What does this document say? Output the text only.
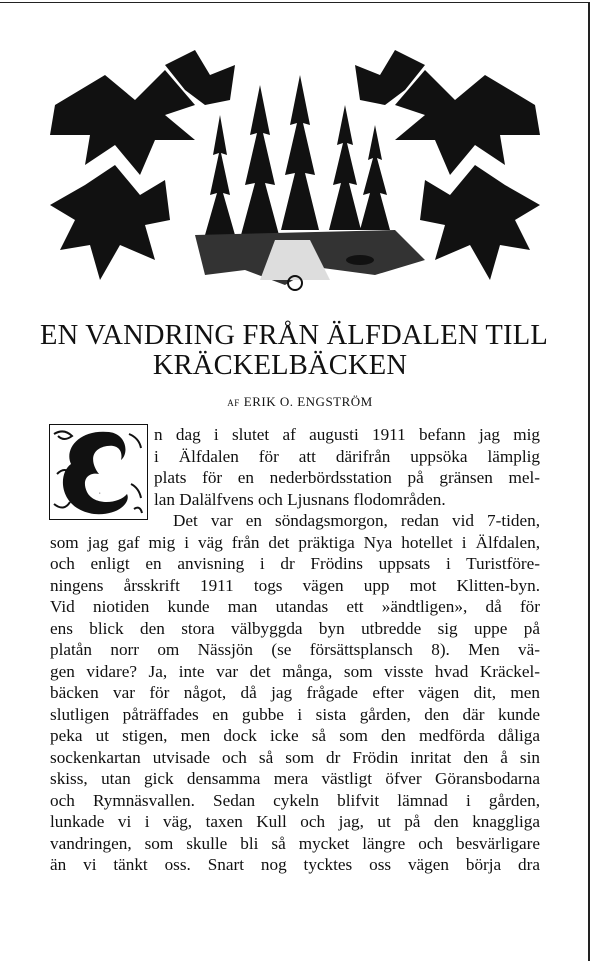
EN VANDRING FRÅN ÄLFDALEN TILL
KRÄCKELBÄCKEN
AF ERIK O. ENGSTRÖM
E
n dag i slutet af augusti 1911 befann jag mig
i Älfdalen för att därifrån uppsöka lämplig
plats för en nederbördsstation på gränsen mel-
lan Dalälfvens och Ljusnans flodområden.
Det var en söndagsmorgon, redan vid 7-tiden,
som jag gaf mig i väg från det präktiga Nya hotellet i Älfdalen,
och enligt en anvisning i dr Frödins uppsats i Turistföre-
ningens årsskrift 1911 togs vägen upp mot Klitten-byn.
Vid niotiden kunde man utandas ett »ändtligen», då för
ens blick den stora välbyggda byn utbredde sig uppe på
platån norr om Nässjön (se försättsplansch 8). Men vä-
gen vidare? Ja, inte var det många, som visste hvad Kräckel-
bäcken var för något, då jag frågade efter vägen dit, men
slutligen påträffades en gubbe i sista gården, den där kunde
peka ut stigen, men dock icke så som den medförda dåliga
sockenkartan utvisade och så som dr Frödin inritat den å sin
skiss, utan gick densamma mera västligt öfver Göransbodarna
och Rymnäsvallen. Sedan cykeln blifvit lämnad i gården,
lunkade vi i väg, taxen Kull och jag, ut på den knaggliga
vandringen, som skulle bli så mycket längre och besvärligare
än vi tänkt oss. Snart nog tycktes oss vägen börja dra
